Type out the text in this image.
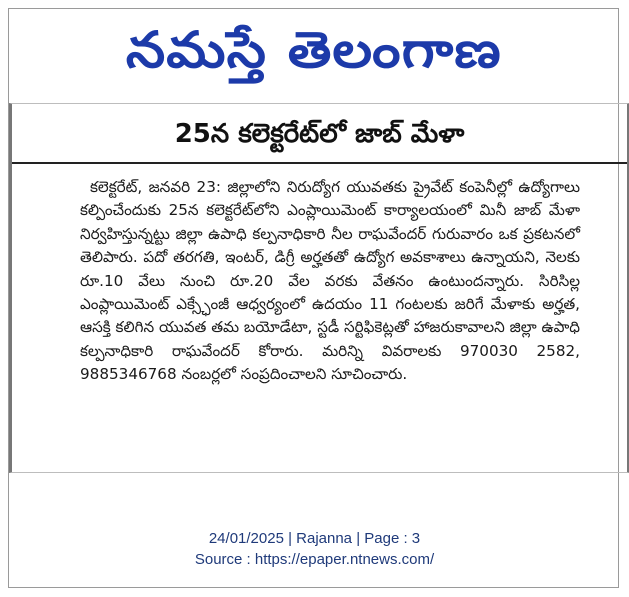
నమస్తే తెలంగాణ
25న కలెక్టరేట్‌లో జాబ్‌ మేళా
కలెక్టరేట్‌, జనవరి 23: జిల్లాలోని నిరుద్యోగ యువతకు ప్రైవేట్‌ కంపెనీల్లో ఉద్యోగాలు కల్పించేందుకు 25న కలెక్టరేట్‌లోని ఎంప్లాయిమెంట్‌ కార్యాలయంలో మినీ జాబ్‌ మేళా నిర్వహిస్తున్నట్టు జిల్లా ఉపాధి కల్పనాధికారి నీల రాఘవేందర్‌ గురువారం ఒక ప్రకటనలో తెలిపారు. పదో తరగతి, ఇంటర్‌, డిగ్రీ అర్హతతో ఉద్యోగ అవకాశాలు ఉన్నాయని, నెలకు రూ.10 వేలు నుంచి రూ.20 వేల వరకు వేతనం ఉంటుందన్నారు. సిరిసిల్ల ఎంప్లాయిమెంట్‌ ఎక్స్ఛేంజీ ఆధ్వర్యంలో ఉదయం 11 గంటలకు జరిగే మేళాకు అర్హత, ఆసక్తి కలిగిన యువత తమ బయోడేటా, స్టడీ సర్టిఫికెట్లతో హాజరుకావాలని జిల్లా ఉపాధి కల్పనాధికారి రాఘవేందర్‌ కోరారు. మరిన్ని వివరాలకు 970030 2582, 9885346768 నంబర్లలో సంప్రదించాలని సూచించారు.
24/01/2025 | Rajanna | Page : 3
Source : https://epaper.ntnews.com/
